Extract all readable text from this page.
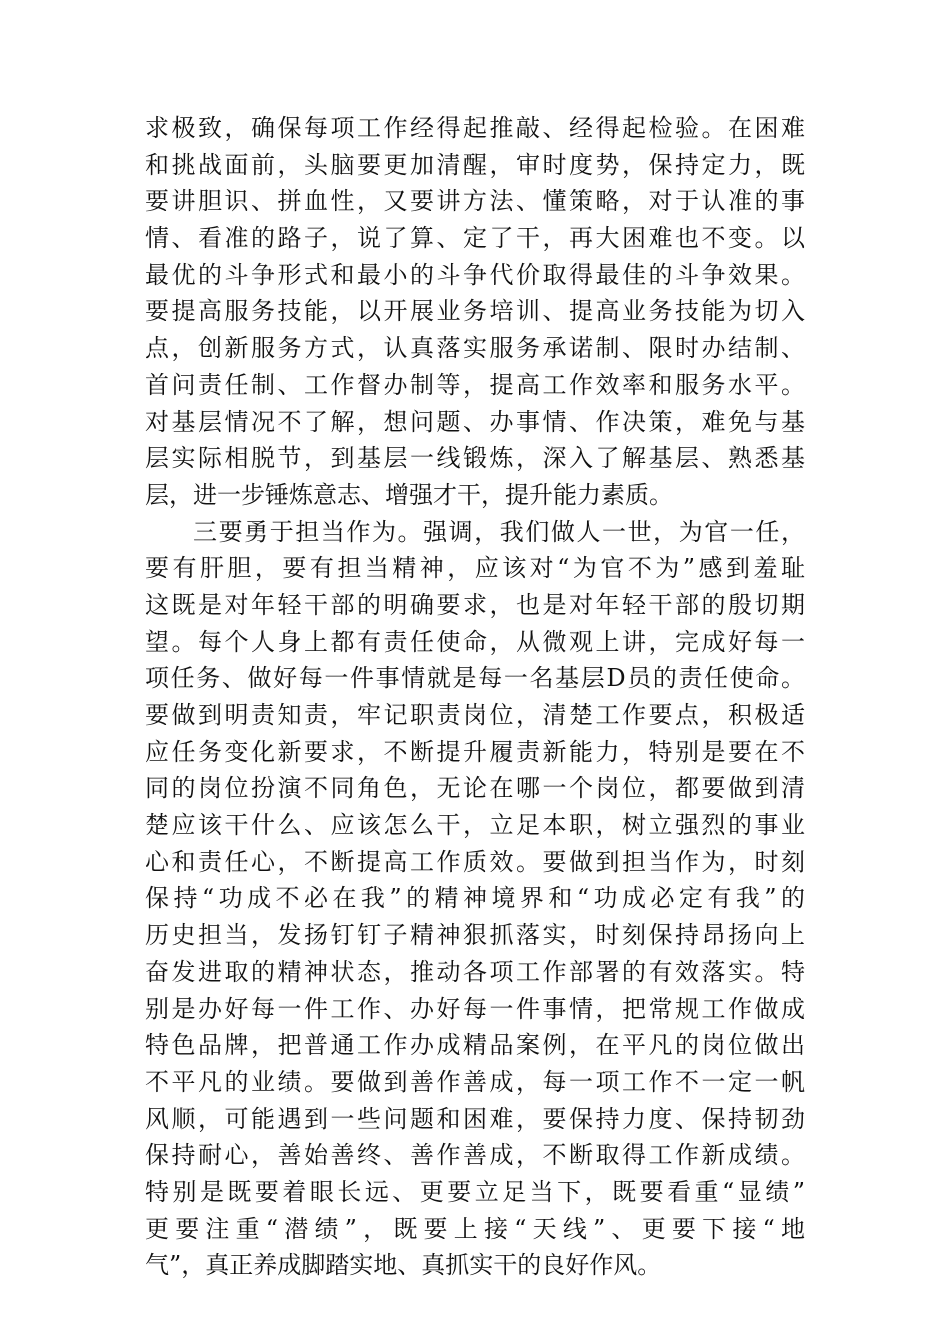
求极致，确保每项工作经得起推敲、经得起检验。在困难
和挑战面前，头脑要更加清醒，审时度势，保持定力，既
要讲胆识、拼血性，又要讲方法、懂策略，对于认准的事
情、看准的路子，说了算、定了干，再大困难也不变。以
最优的斗争形式和最小的斗争代价取得最佳的斗争效果。
要提高服务技能，以开展业务培训、提高业务技能为切入
点，创新服务方式，认真落实服务承诺制、限时办结制、
首问责任制、工作督办制等，提高工作效率和服务水平。
对基层情况不了解，想问题、办事情、作决策，难免与基
层实际相脱节，到基层一线锻炼，深入了解基层、熟悉基
层，进一步锤炼意志、增强才干，提升能力素质。
三要勇于担当作为。强调，我们做人一世，为官一任，
要有肝胆，要有担当精神，应该对“为官不为”感到羞耻
这既是对年轻干部的明确要求，也是对年轻干部的殷切期
望。每个人身上都有责任使命，从微观上讲，完成好每一
项任务、做好每一件事情就是每一名基层D员的责任使命。
要做到明责知责，牢记职责岗位，清楚工作要点，积极适
应任务变化新要求，不断提升履责新能力，特别是要在不
同的岗位扮演不同角色，无论在哪一个岗位，都要做到清
楚应该干什么、应该怎么干，立足本职，树立强烈的事业
心和责任心，不断提高工作质效。要做到担当作为，时刻
保持“功成不必在我”的精神境界和“功成必定有我”的
历史担当，发扬钉钉子精神狠抓落实，时刻保持昂扬向上
奋发进取的精神状态，推动各项工作部署的有效落实。特
别是办好每一件工作、办好每一件事情，把常规工作做成
特色品牌，把普通工作办成精品案例，在平凡的岗位做出
不平凡的业绩。要做到善作善成，每一项工作不一定一帆
风顺，可能遇到一些问题和困难，要保持力度、保持韧劲
保持耐心，善始善终、善作善成，不断取得工作新成绩。
特别是既要着眼长远、更要立足当下，既要看重“显绩”
更要注重“潜绩”，既要上接“天线”、更要下接“地
气”，真正养成脚踏实地、真抓实干的良好作风。
